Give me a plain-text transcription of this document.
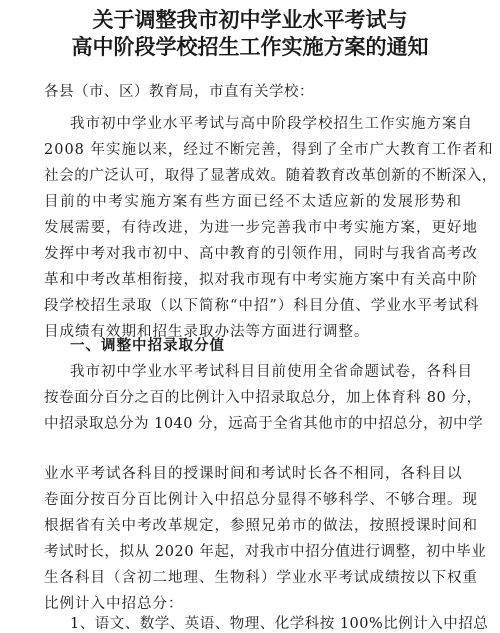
关于调整我市初中学业水平考试与
高中阶段学校招生工作实施方案的通知
各县（市、区）教育局，市直有关学校：
我市初中学业水平考试与高中阶段学校招生工作实施方案自
2008 年实施以来，经过不断完善，得到了全市广大教育工作者和
社会的广泛认可，取得了显著成效。随着教育改革创新的不断深入，
目前的中考实施方案有些方面已经不太适应新的发展形势和
发展需要，有待改进，为进一步完善我市中考实施方案，更好地
发挥中考对我市初中、高中教育的引领作用，同时与我省高考改
革和中考改革相衔接，拟对我市现有中考实施方案中有关高中阶
段学校招生录取（以下简称“中招”）科目分值、学业水平考试科
目成绩有效期和招生录取办法等方面进行调整。
一、调整中招录取分值
我市初中学业水平考试科目目前使用全省命题试卷，各科目
按卷面分百分之百的比例计入中招录取总分，加上体育科 80 分，
中招录取总分为 1040 分，远高于全省其他市的中招总分，初中学
业水平考试各科目的授课时间和考试时长各不相同，各科目以
卷面分按百分百比例计入中招总分显得不够科学、不够合理。现
根据省有关中考改革规定，参照兄弟市的做法，按照授课时间和
考试时长，拟从 2020 年起，对我市中招分值进行调整，初中毕业
生各科目（含初二地理、生物科）学业水平考试成绩按以下权重
比例计入中招总分：
1、语文、数学、英语、物理、化学科按 100%比例计入中招总
